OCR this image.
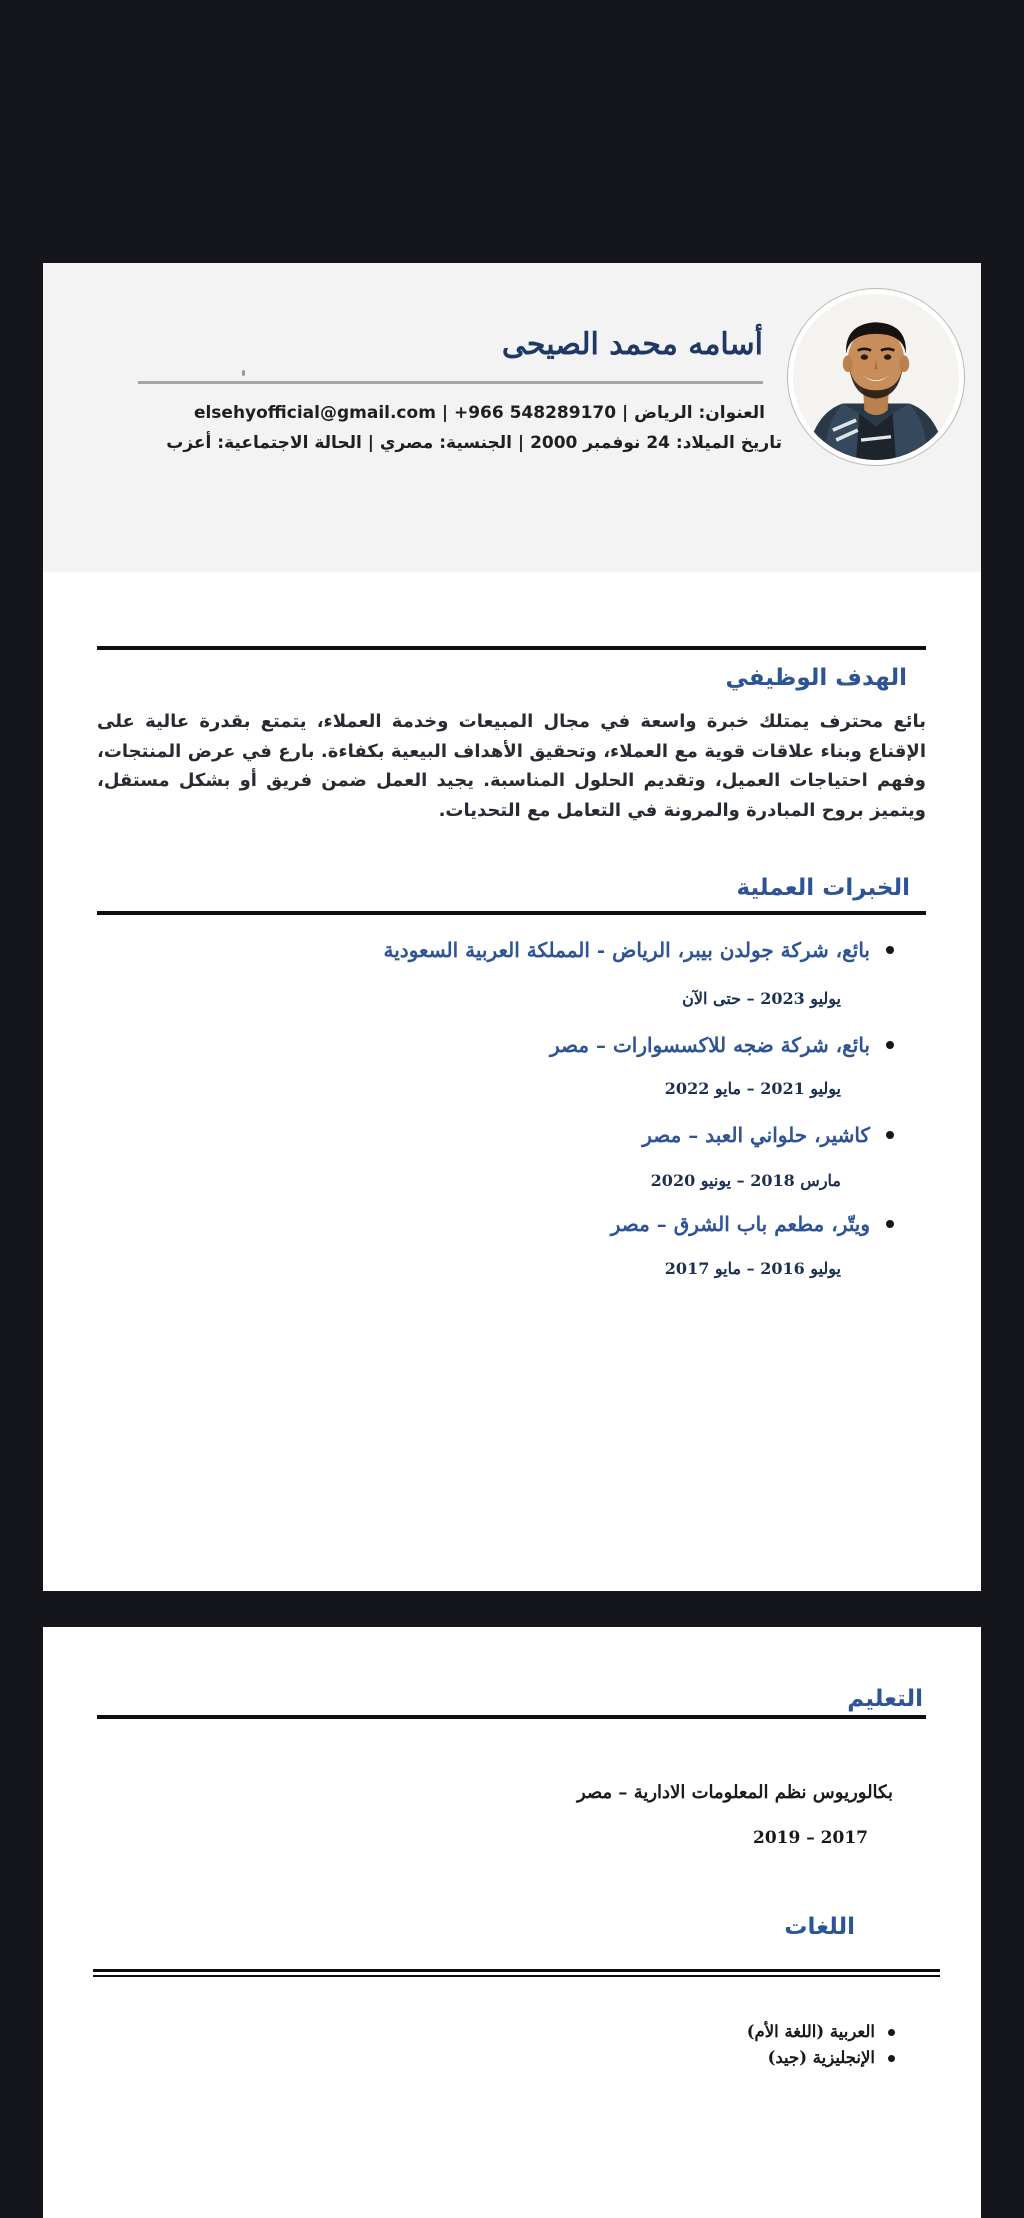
أسامه محمد الصيحى
العنوان: الرياض | elsehyofficial@gmail.com | ‎+966 548289170
تاريخ الميلاد: 24 نوفمبر 2000 | الجنسية: مصري | الحالة الاجتماعية: أعزب
الهدف الوظيفي
بائع محترف يمتلك خبرة واسعة في مجال المبيعات وخدمة العملاء، يتمتع بقدرة عالية على الإقناع وبناء علاقات قوية مع العملاء، وتحقيق الأهداف البيعية بكفاءة. بارع في عرض المنتجات، وفهم احتياجات العميل، وتقديم الحلول المناسبة. يجيد العمل ضمن فريق أو بشكل مستقل، ويتميز بروح المبادرة والمرونة في التعامل مع التحديات.
الخبرات العملية
بائع، شركة جولدن بيبر، الرياض - المملكة العربية السعودية
يوليو 2023 – حتى الآن
بائع، شركة ضجه للاكسسوارات – مصر
يوليو 2021 – مايو 2022
كاشير، حلواني العبد – مصر
مارس 2018 – يونيو 2020
ويتّر، مطعم باب الشرق – مصر
يوليو 2016 – مايو 2017
التعليم
بكالوريوس نظم المعلومات الادارية – مصر
2017 – 2019
اللغات
العربية (اللغة الأم)
الإنجليزية (جيد)
